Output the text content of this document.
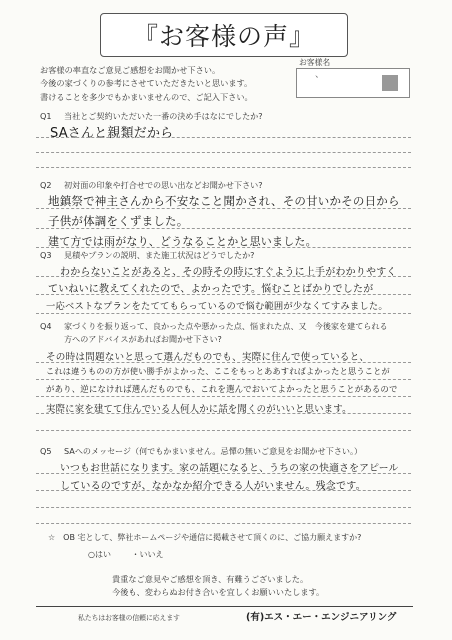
『お客様の声』
お客様の率直なご意見ご感想をお聞かせ下さい。
今後の家づくりの参考にさせていただきたいと思います。
書けることを多少でもかまいませんので、ご記入下さい。
お客様名
、
Q1 当社とご契約いただいた一番の決め手はなにでしたか?
SAさんと親類だから
Q2 初対面の印象や打合せでの思い出などお聞かせ下さい?
地鎮祭で神主さんから不安なこと聞かされ、その甘いかその日から
子供が体調をくずました。
建て方では雨がなり、どうなることかと思いました。
Q3 見積やプランの説明、また施工状況はどうでしたか?
わからないことがあると、その時その時にすぐように上手がわかりやすく
ていねいに教えてくれたので、よかったです。悩むことばかりでしたが
一応ベストなプランをたててもらっているので悩む範囲が少なくてすみました。
Q4 家づくりを振り返って、良かった点や悪かった点、悩まれた点、又　今後家を建てられる
方へのアドバイスがあればお聞かせ下さい?
その時は問題ないと思って選んだものでも、実際に住んで使っていると、
これは違うものの方が使い勝手がよかった、ここをもっとああすればよかったと思うことが
があり、逆になければ選んだものでも、これを選んでおいてよかったと思うことがあるので
実際に家を建てて住んでいる人何人かに話を聞くのがいいと思います。
Q5 SAへのメッセージ（何でもかまいません。忌憚の無いご意見をお聞かせ下さい。）
いつもお世話になります。家の話題になると、うちの家の快適さをアピール
しているのですが、なかなか紹介できる人がいません。残念です。
☆　OB 宅として、弊社ホームページや通信に掲載させて頂くのに、ご協力願えますか?
○はい	・いいえ
貴重なご意見やご感想を頂き、有難うございました。
今後も、変わらぬお付き合いを宜しくお願いいたします。
私たちはお客様の信頼に応えます	(有)エス・エー・エンジニアリング
